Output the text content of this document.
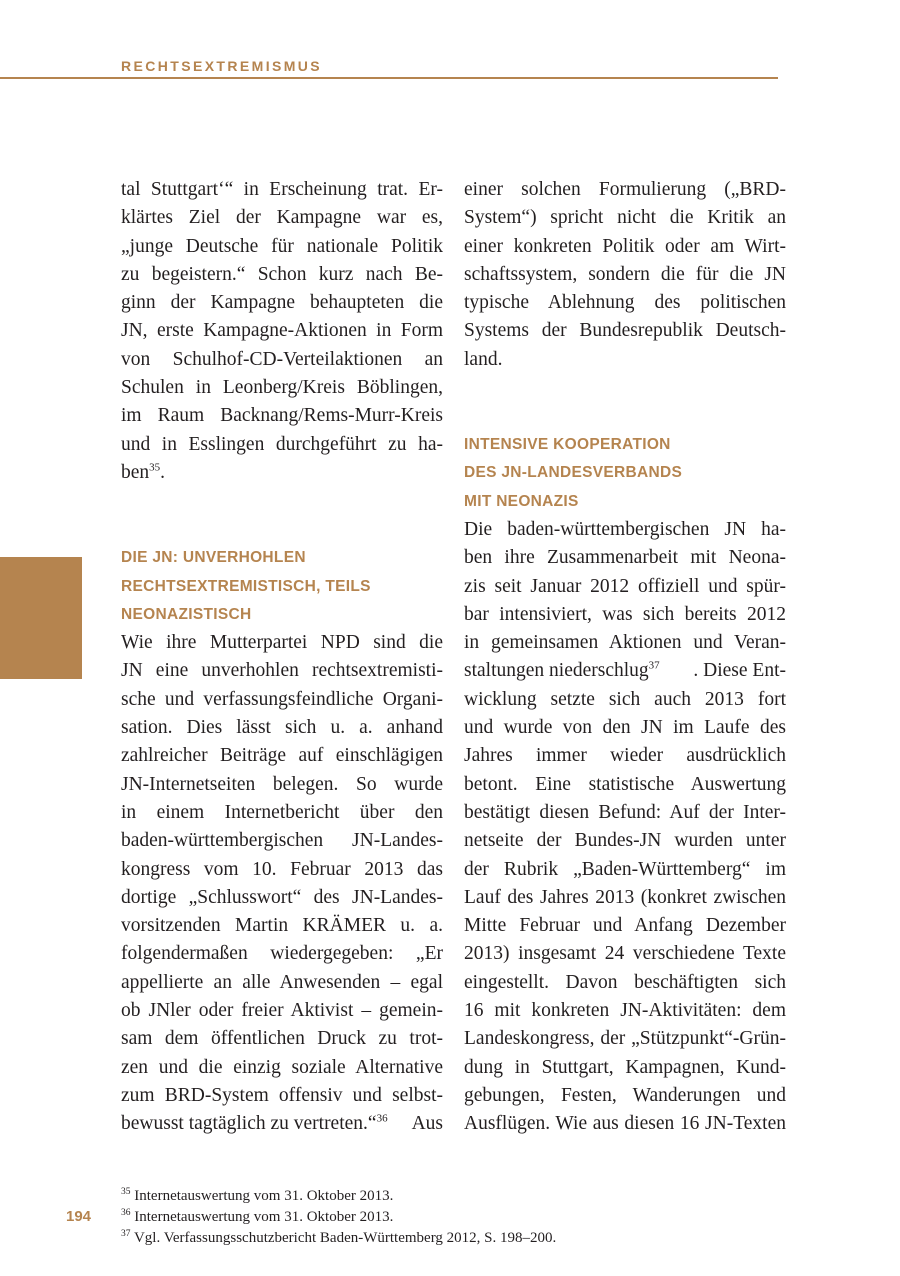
RECHTSEXTREMISMUS
tal Stuttgart‘“ in Erscheinung trat. Er-
klärtes Ziel der Kampagne war es,
„junge Deutsche für nationale Politik
zu begeistern.“ Schon kurz nach Be-
ginn der Kampagne behaupteten die
JN, erste Kampagne-Aktionen in Form
von Schulhof-CD-Verteilaktionen an
Schulen in Leonberg/Kreis Böblingen,
im Raum Backnang/Rems-Murr-Kreis
und in Esslingen durchgeführt zu ha-
ben$^{35}$.
DIE JN: UNVERHOHLEN
RECHTSEXTREMISTISCH, TEILS
NEONAZISTISCH
Wie ihre Mutterpartei NPD sind die
JN eine unverhohlen rechtsextremisti-
sche und verfassungsfeindliche Organi-
sation. Dies lässt sich u. a. anhand
zahlreicher Beiträge auf einschlägigen
JN-Internetseiten belegen. So wurde
in einem Internetbericht über den
baden-württembergischen JN-Landes-
kongress vom 10. Februar 2013 das
dortige „Schlusswort“ des JN-Landes-
vorsitzenden Martin KRÄMER u. a.
folgendermaßen wiedergegeben: „Er
appellierte an alle Anwesenden – egal
ob JNler oder freier Aktivist – gemein-
sam dem öffentlichen Druck zu trot-
zen und die einzig soziale Alternative
zum BRD-System offensiv und selbst-
bewusst tagtäglich zu vertreten.“$^{36}$ Aus
einer solchen Formulierung („BRD-
System“) spricht nicht die Kritik an
einer konkreten Politik oder am Wirt-
schaftssystem, sondern die für die JN
typische Ablehnung des politischen
Systems der Bundesrepublik Deutsch-
land.
INTENSIVE KOOPERATION
DES JN-LANDESVERBANDS
MIT NEONAZIS
Die baden-württembergischen JN ha-
ben ihre Zusammenarbeit mit Neona-
zis seit Januar 2012 offiziell und spür-
bar intensiviert, was sich bereits 2012
in gemeinsamen Aktionen und Veran-
staltungen niederschlug$^{37}$ . Diese Ent-
wicklung setzte sich auch 2013 fort
und wurde von den JN im Laufe des
Jahres immer wieder ausdrücklich
betont. Eine statistische Auswertung
bestätigt diesen Befund: Auf der Inter-
netseite der Bundes-JN wurden unter
der Rubrik „Baden-Württemberg“ im
Lauf des Jahres 2013 (konkret zwischen
Mitte Februar und Anfang Dezember
2013) insgesamt 24 verschiedene Texte
eingestellt. Davon beschäftigten sich
16 mit konkreten JN-Aktivitäten: dem
Landeskongress, der „Stützpunkt“-Grün-
dung in Stuttgart, Kampagnen, Kund-
gebungen, Festen, Wanderungen und
Ausflügen. Wie aus diesen 16 JN-Texten
$^{35}$ Internetauswertung vom 31. Oktober 2013.
$^{36}$ Internetauswertung vom 31. Oktober 2013.
$^{37}$ Vgl. Verfassungsschutzbericht Baden-Württemberg 2012, S. 198–200.
194
